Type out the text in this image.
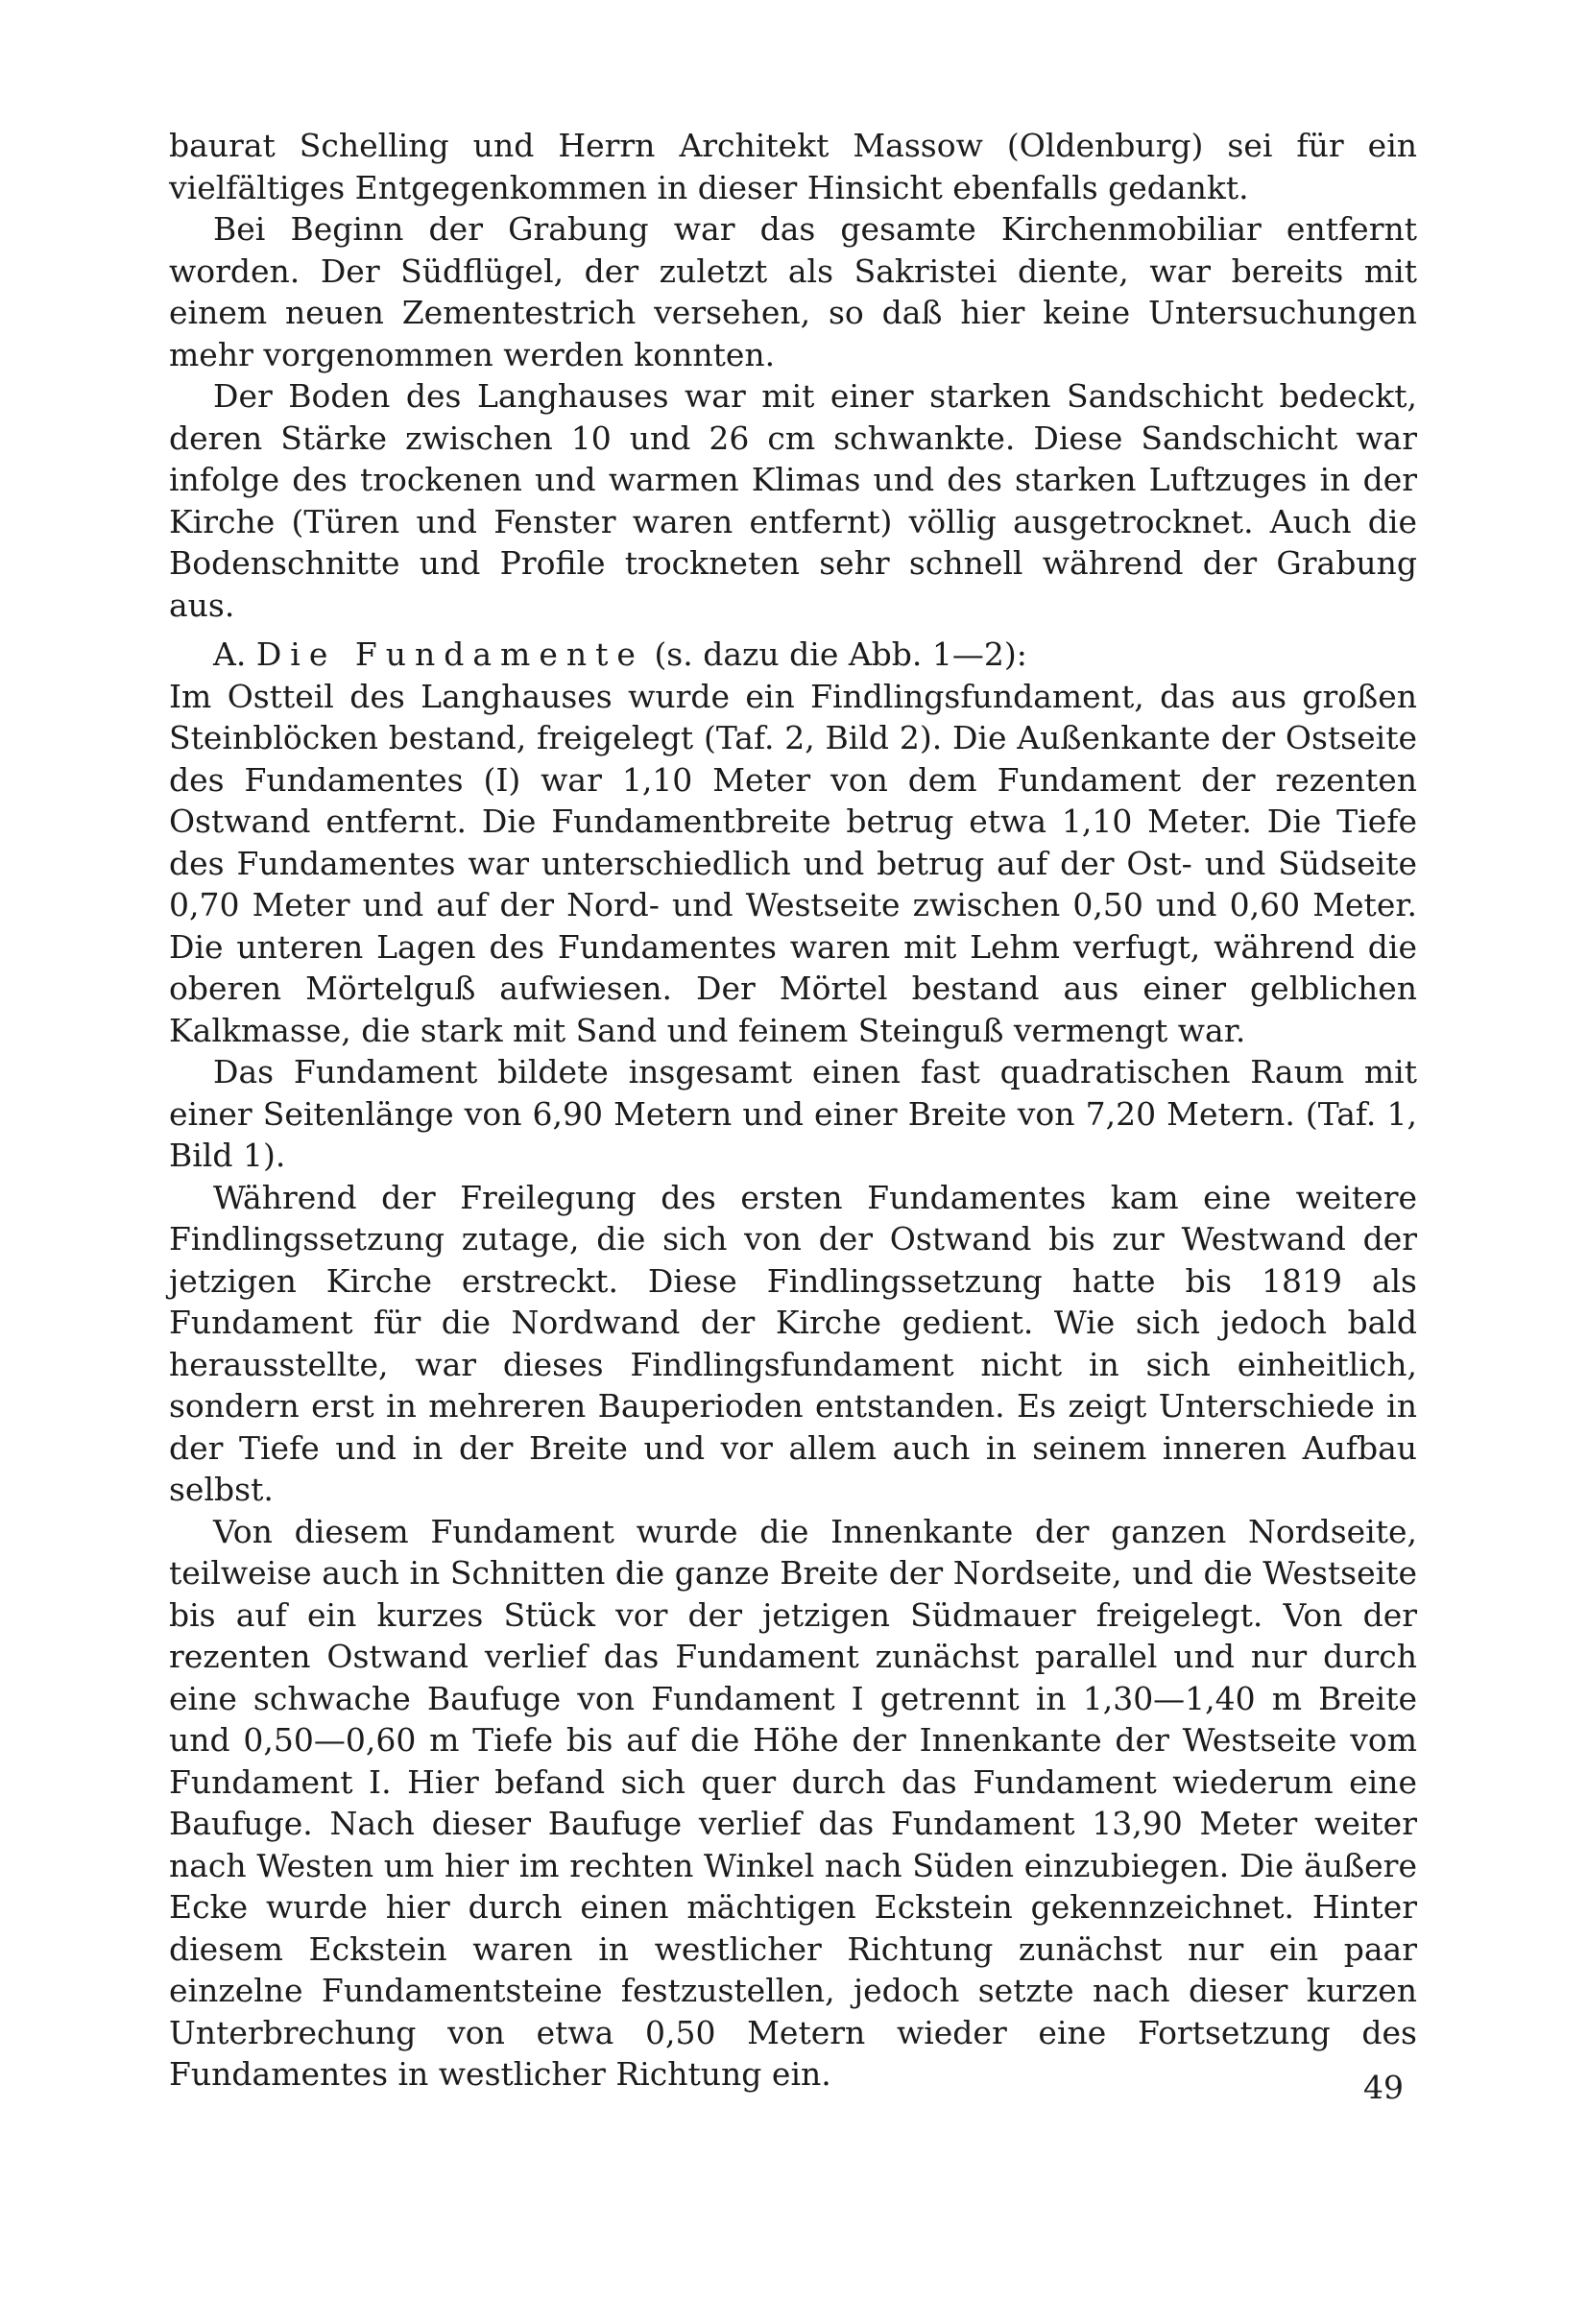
baurat Schelling und Herrn Architekt Massow (Oldenburg) sei für ein vielfältiges Entgegenkommen in dieser Hinsicht ebenfalls gedankt.

Bei Beginn der Grabung war das gesamte Kirchenmobiliar entfernt worden. Der Südflügel, der zuletzt als Sakristei diente, war bereits mit einem neuen Zementestrich versehen, so daß hier keine Untersuchungen mehr vorgenommen werden konnten.

Der Boden des Langhauses war mit einer starken Sandschicht bedeckt, deren Stärke zwischen 10 und 26 cm schwankte. Diese Sandschicht war infolge des trockenen und warmen Klimas und des starken Luftzuges in der Kirche (Türen und Fenster waren entfernt) völlig ausgetrocknet. Auch die Bodenschnitte und Profile trockneten sehr schnell während der Grabung aus.

A. Die Fundamente (s. dazu die Abb. 1—2):

Im Ostteil des Langhauses wurde ein Findlingsfundament, das aus großen Steinblöcken bestand, freigelegt (Taf. 2, Bild 2). Die Außenkante der Ostseite des Fundamentes (I) war 1,10 Meter von dem Fundament der rezenten Ostwand entfernt. Die Fundamentbreite betrug etwa 1,10 Meter. Die Tiefe des Fundamentes war unterschiedlich und betrug auf der Ost- und Südseite 0,70 Meter und auf der Nord- und Westseite zwischen 0,50 und 0,60 Meter. Die unteren Lagen des Fundamentes waren mit Lehm verfugt, während die oberen Mörtelguß aufwiesen. Der Mörtel bestand aus einer gelblichen Kalkmasse, die stark mit Sand und feinem Steinguß vermengt war.

Das Fundament bildete insgesamt einen fast quadratischen Raum mit einer Seitenlänge von 6,90 Metern und einer Breite von 7,20 Metern. (Taf. 1, Bild 1).

Während der Freilegung des ersten Fundamentes kam eine weitere Findlingssetzung zutage, die sich von der Ostwand bis zur Westwand der jetzigen Kirche erstreckt. Diese Findlingssetzung hatte bis 1819 als Fundament für die Nordwand der Kirche gedient. Wie sich jedoch bald herausstellte, war dieses Findlingsfundament nicht in sich einheitlich, sondern erst in mehreren Bauperioden entstanden. Es zeigt Unterschiede in der Tiefe und in der Breite und vor allem auch in seinem inneren Aufbau selbst.

Von diesem Fundament wurde die Innenkante der ganzen Nordseite, teilweise auch in Schnitten die ganze Breite der Nordseite, und die Westseite bis auf ein kurzes Stück vor der jetzigen Südmauer freigelegt. Von der rezenten Ostwand verlief das Fundament zunächst parallel und nur durch eine schwache Baufuge von Fundament I getrennt in 1,30—1,40 m Breite und 0,50—0,60 m Tiefe bis auf die Höhe der Innenkante der Westseite vom Fundament I. Hier befand sich quer durch das Fundament wiederum eine Baufuge. Nach dieser Baufuge verlief das Fundament 13,90 Meter weiter nach Westen um hier im rechten Winkel nach Süden einzubiegen. Die äußere Ecke wurde hier durch einen mächtigen Eckstein gekennzeichnet. Hinter diesem Eckstein waren in westlicher Richtung zunächst nur ein paar einzelne Fundamentsteine festzustellen, jedoch setzte nach dieser kurzen Unterbrechung von etwa 0,50 Metern wieder eine Fortsetzung des Fundamentes in westlicher Richtung ein.	49
